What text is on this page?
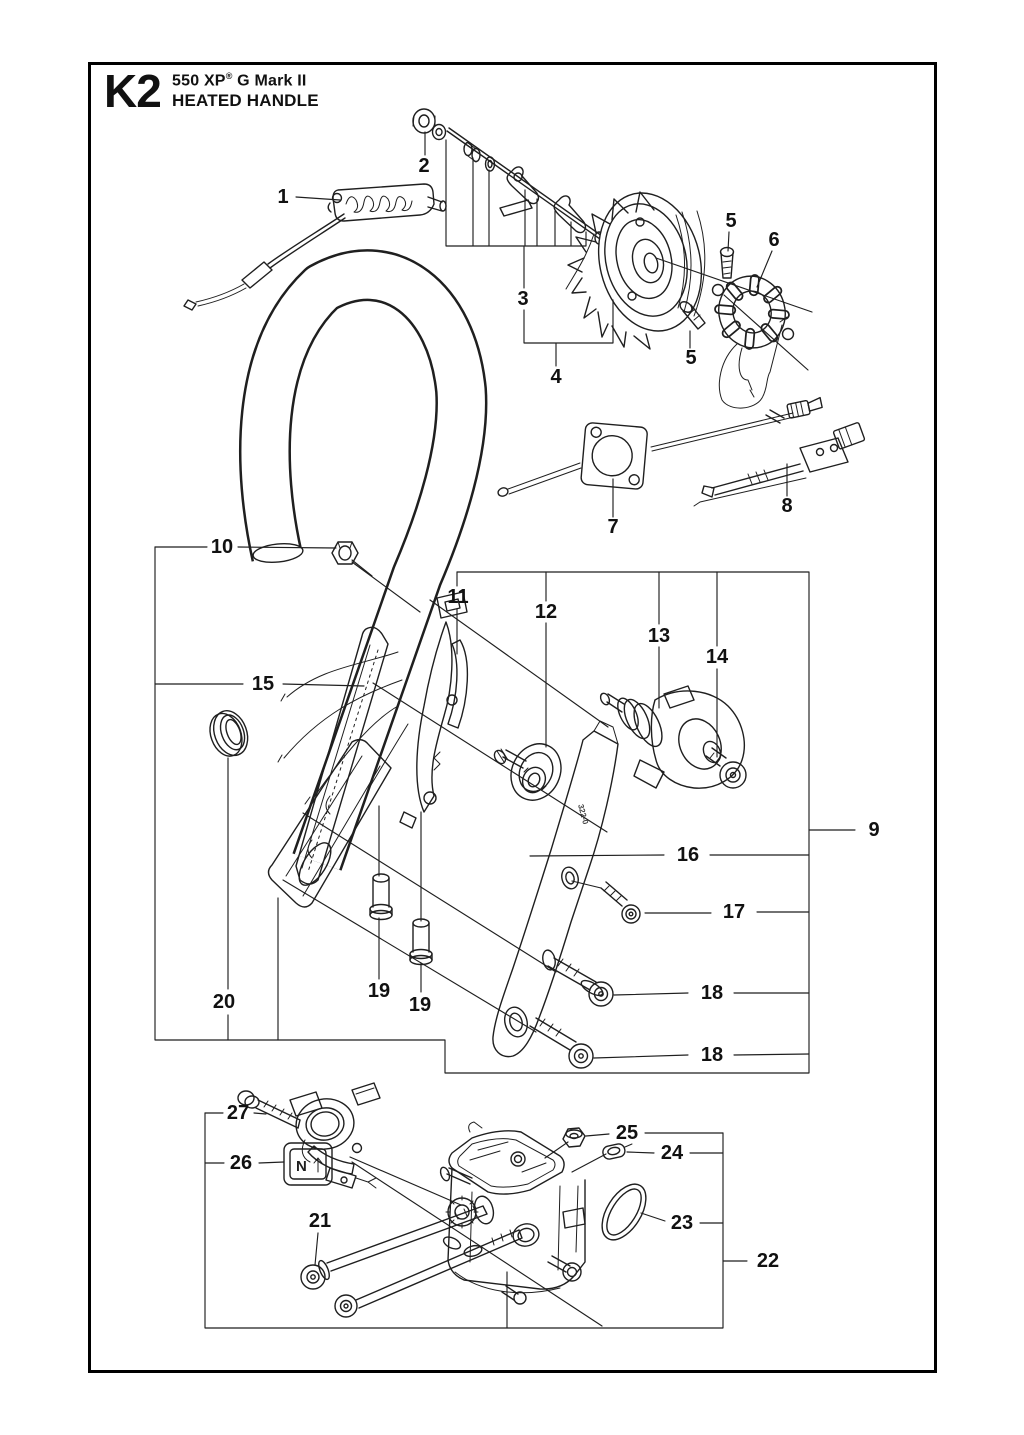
K2 550 XP® G Mark II
HEATED HANDLE
322-0
N
1
2
3
4
5
5
6
7
8
9
10
11
12
13
14
15
16
17
18
18
19
19
20
21
22
23
24
25
26
27
